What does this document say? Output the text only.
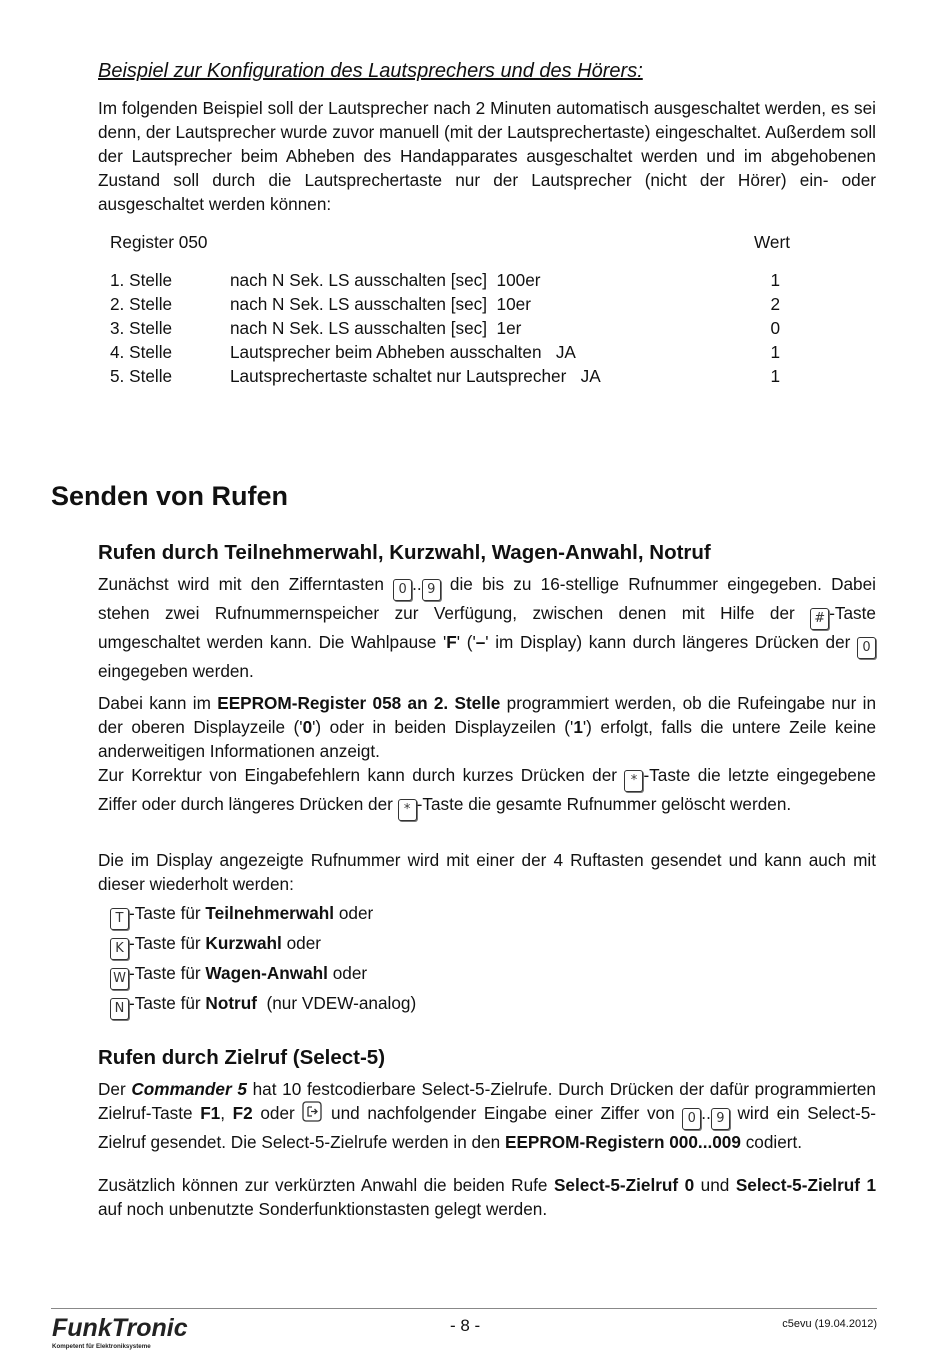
Beispiel zur Konfiguration des Lautsprechers und des Hörers:

Im folgenden Beispiel soll der Lautsprecher nach 2 Minuten automatisch ausgeschaltet werden, es sei denn, der Lautsprecher wurde zuvor manuell (mit der Lautsprechertaste) eingeschaltet. Außerdem soll der Lautsprecher beim Abheben des Handapparates ausgeschaltet werden und im abgehobenen Zustand soll durch die Lautsprechertaste nur der Lautsprecher (nicht der Hörer) ein- oder ausgeschaltet werden können:

Register 050	Wert
1. Stelle	nach N Sek. LS ausschalten [sec]  100er	1
2. Stelle	nach N Sek. LS ausschalten [sec]  10er	2
3. Stelle	nach N Sek. LS ausschalten [sec]  1er	0
4. Stelle	Lautsprecher beim Abheben ausschalten   JA	1
5. Stelle	Lautsprechertaste schaltet nur Lautsprecher   JA	1
Senden von Rufen
Rufen durch Teilnehmerwahl, Kurzwahl, Wagen-Anwahl, Notruf

Zunächst wird mit den Zifferntasten 0 .. 9 die bis zu 16-stellige Rufnummer eingegeben. Dabei stehen zwei Rufnummernspeicher zur Verfügung, zwischen denen mit Hilfe der # -Taste umgeschaltet werden kann. Die Wahlpause 'F' ('–' im Display) kann durch längeres Drücken der 0 eingegeben werden.

Dabei kann im EEPROM-Register 058 an 2. Stelle programmiert werden, ob die Rufeingabe nur in der oberen Displayzeile ('0') oder in beiden Displayzeilen ('1') erfolgt, falls die untere Zeile keine anderweitigen Informationen anzeigt.

Zur Korrektur von Eingabefehlern kann durch kurzes Drücken der * -Taste die letzte eingegebene Ziffer oder durch längeres Drücken der * -Taste die gesamte Rufnummer gelöscht werden.

Die im Display angezeigte Rufnummer wird mit einer der 4 Ruftasten gesendet und kann auch mit dieser wiederholt werden:

T -Taste für Teilnehmerwahl oder
K -Taste für Kurzwahl oder
W -Taste für Wagen-Anwahl oder
N -Taste für Notruf  (nur VDEW-analog)
Rufen durch Zielruf (Select-5)

Der Commander 5 hat 10 festcodierbare Select-5-Zielrufe. Durch Drücken der dafür programmierten Zielruf-Taste F1, F2 oder  und nachfolgender Eingabe einer Ziffer von 0 .. 9 wird ein Select-5-Zielruf gesendet. Die Select-5-Zielrufe werden in den EEPROM-Registern 000...009 codiert.

Zusätzlich können zur verkürzten Anwahl die beiden Rufe Select-5-Zielruf 0 und Select-5-Zielruf 1 auf noch unbenutzte Sonderfunktionstasten gelegt werden.

FunkTronic
Kompetent für Elektroniksysteme
- 8 -	c5evu (19.04.2012)
